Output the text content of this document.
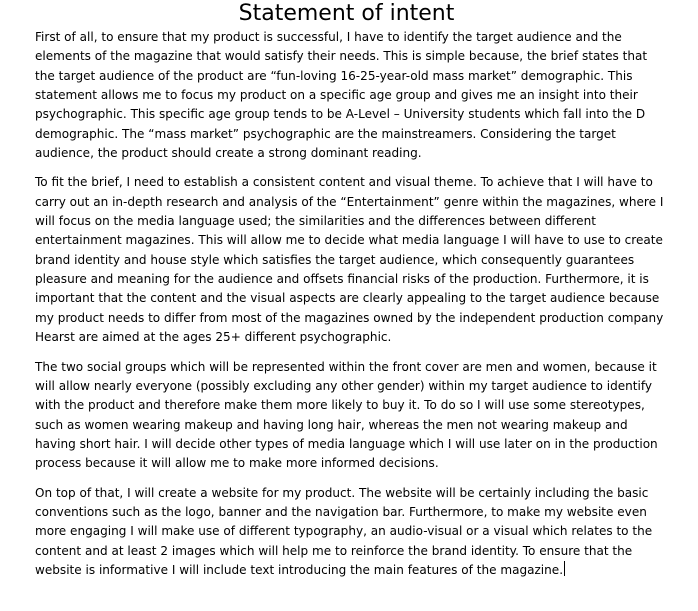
Statement of intent

First of all, to ensure that my product is successful, I have to identify the target audience and the elements of the magazine that would satisfy their needs. This is simple because, the brief states that the target audience of the product are “fun-loving 16-25-year-old mass market” demographic. This statement allows me to focus my product on a specific age group and gives me an insight into their psychographic. This specific age group tends to be A-Level – University students which fall into the D demographic. The “mass market” psychographic are the mainstreamers. Considering the target audience, the product should create a strong dominant reading.

To fit the brief, I need to establish a consistent content and visual theme. To achieve that I will have to carry out an in-depth research and analysis of the “Entertainment” genre within the magazines, where I will focus on the media language used; the similarities and the differences between different entertainment magazines. This will allow me to decide what media language I will have to use to create brand identity and house style which satisfies the target audience, which consequently guarantees pleasure and meaning for the audience and offsets financial risks of the production. Furthermore, it is important that the content and the visual aspects are clearly appealing to the target audience because my product needs to differ from most of the magazines owned by the independent production company Hearst are aimed at the ages 25+ different psychographic.

The two social groups which will be represented within the front cover are men and women, because it will allow nearly everyone (possibly excluding any other gender) within my target audience to identify with the product and therefore make them more likely to buy it. To do so I will use some stereotypes, such as women wearing makeup and having long hair, whereas the men not wearing makeup and having short hair. I will decide other types of media language which I will use later on in the production process because it will allow me to make more informed decisions.

On top of that, I will create a website for my product. The website will be certainly including the basic conventions such as the logo, banner and the navigation bar. Furthermore, to make my website even more engaging I will make use of different typography, an audio-visual or a visual which relates to the content and at least 2 images which will help me to reinforce the brand identity. To ensure that the website is informative I will include text introducing the main features of the magazine.
